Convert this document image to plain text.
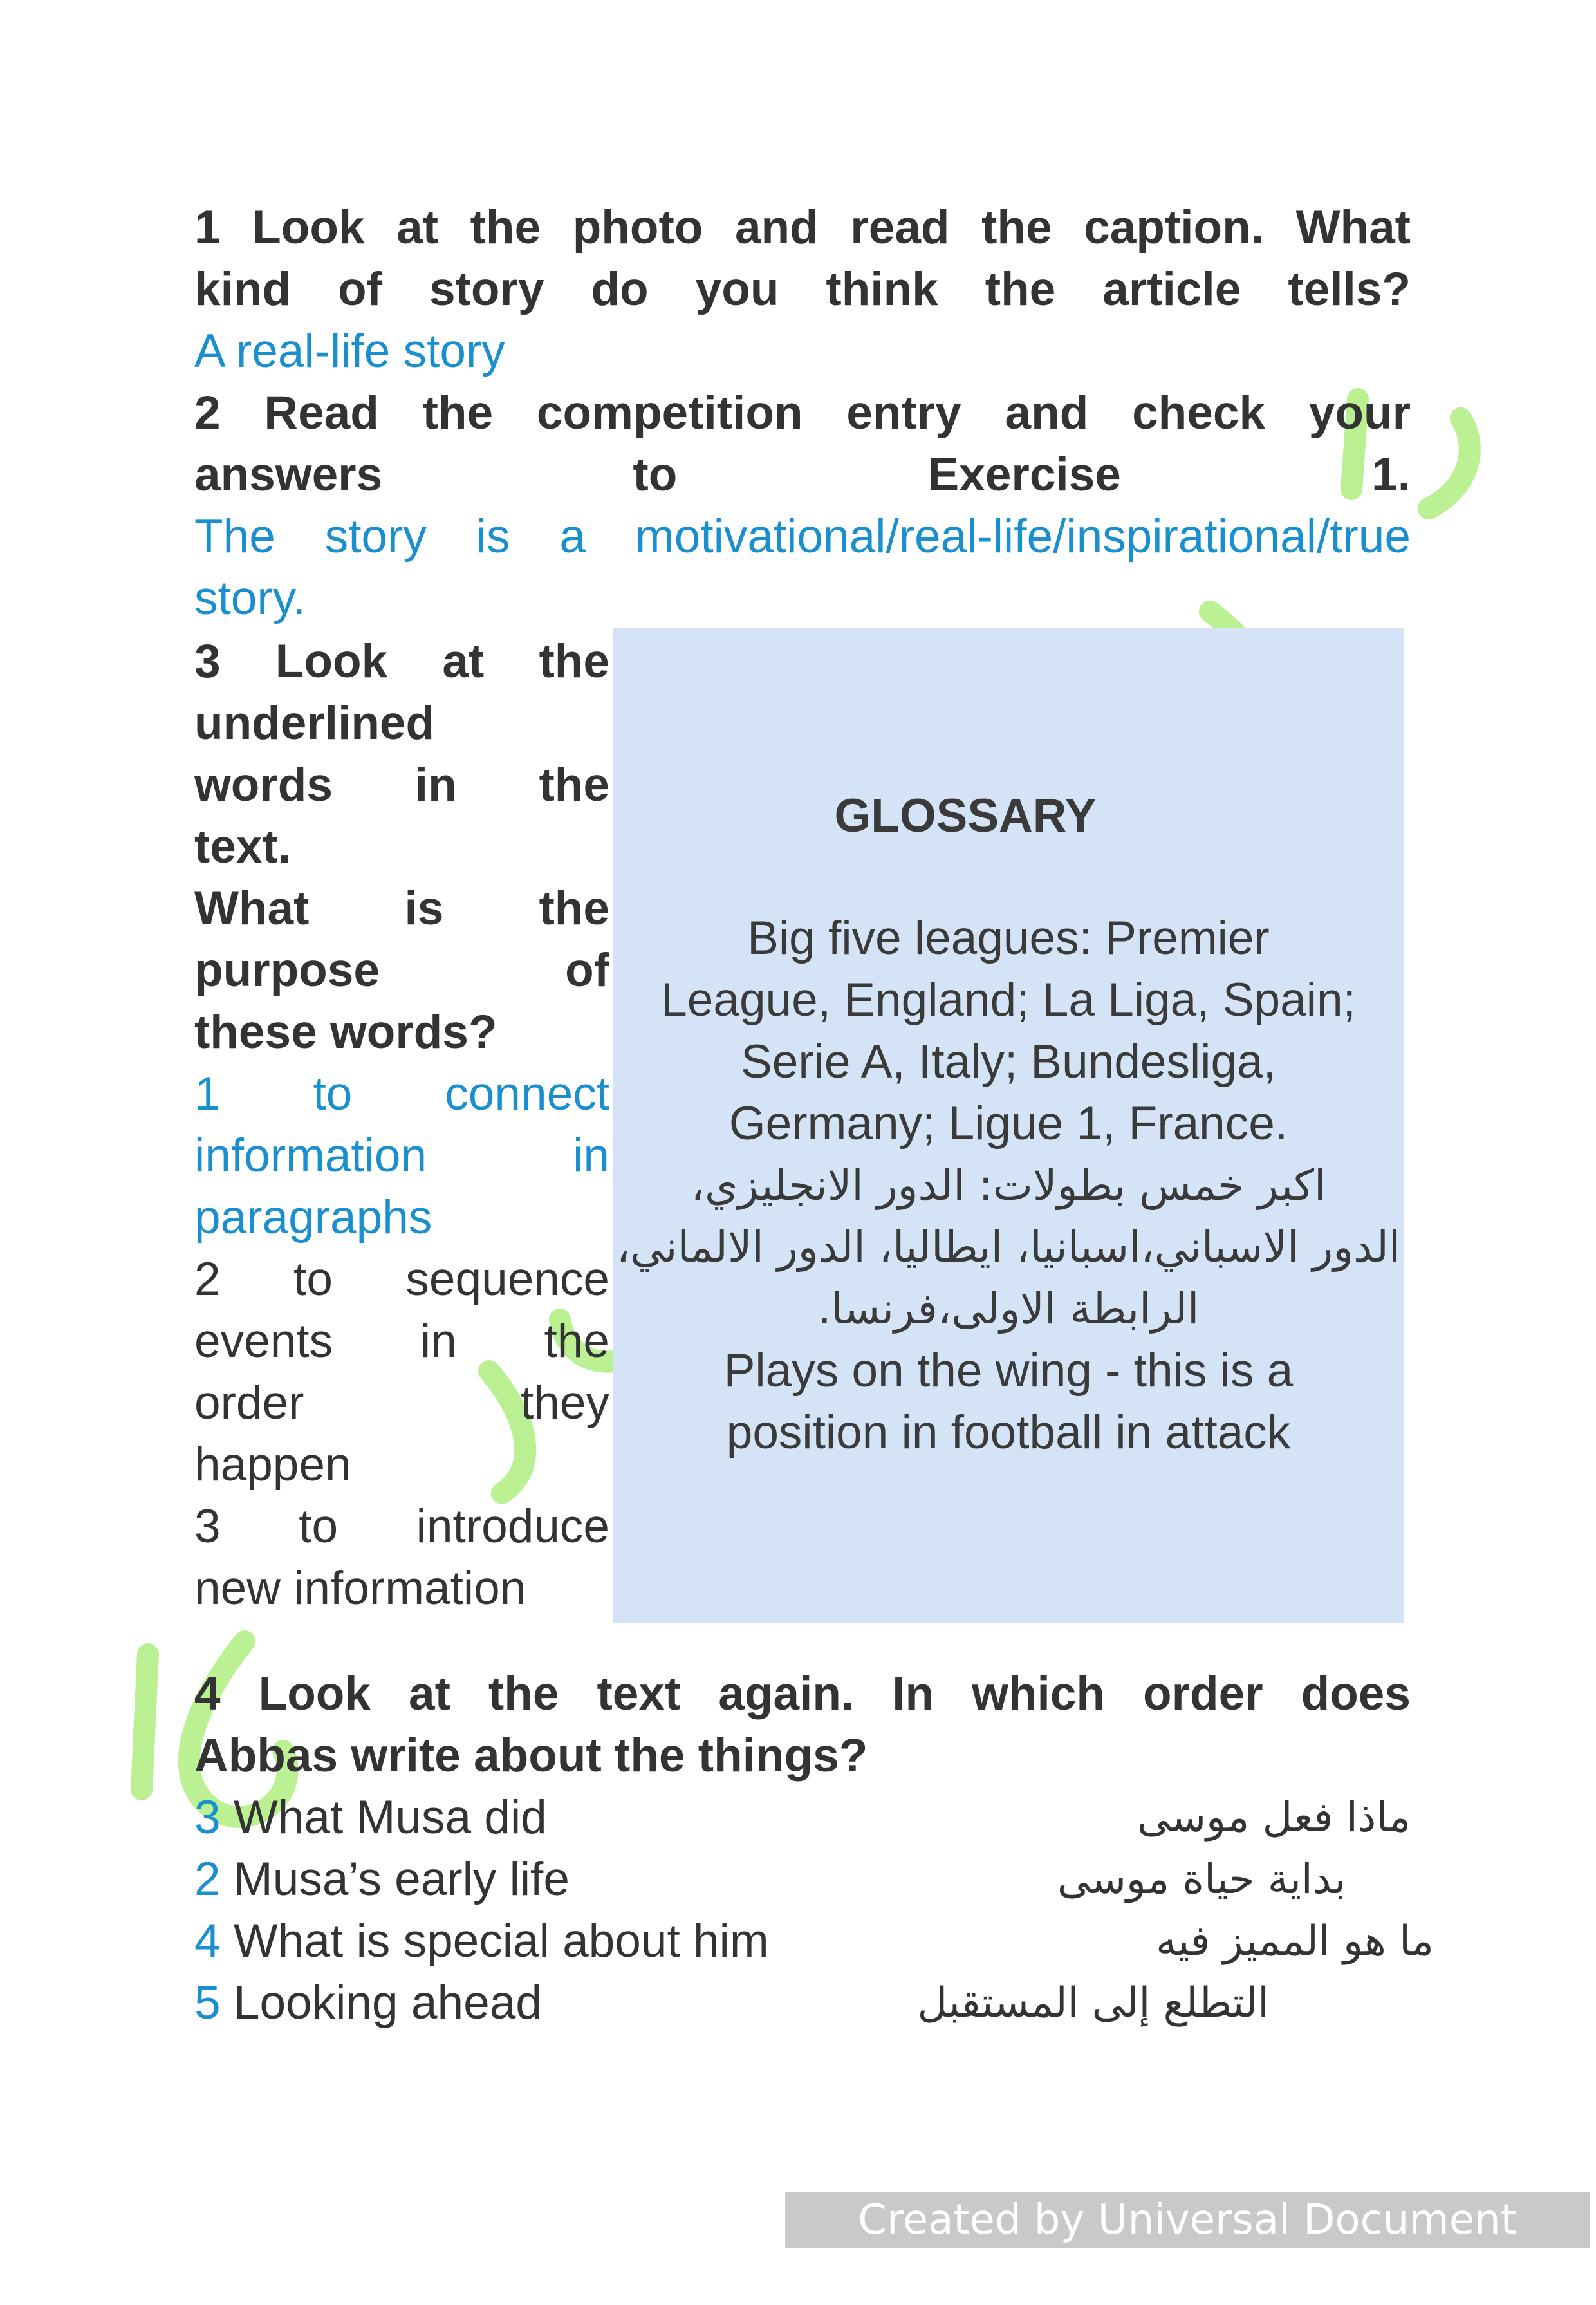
1 Look at the photo and read the caption. What
kind of story do you think the article tells?
A real-life story
2 Read the competition entry and check your
answers to Exercise 1.
The story is a motivational/real-life/inspirational/true
story.
GLOSSARY
Big five leagues: Premier
League, England; La Liga, Spain;
Serie A, Italy; Bundesliga,
Germany; Ligue 1, France.
اكبر خمس بطولات: الدور الانجليزي،
الدور الاسباني،اسبانيا، ايطاليا، الدور الالماني،
الرابطة الاولى،فرنسا.
Plays on the wing - this is a
position in football in attack
3 Look at the
underlined
words in the
text.
What is the
purpose of
these words?
1 to connect
information in
paragraphs
2 to sequence
events in the
order they
happen
3 to introduce
new information
4 Look at the text again. In which order does
Abbas write about the things?
3 What Musa did	ماذا فعل موسى
2 Musa’s early life	بداية حياة موسى
4 What is special about him	ما هو المميز فيه
5 Looking ahead	التطلع إلى المستقبل
Created by Universal Document Converter
